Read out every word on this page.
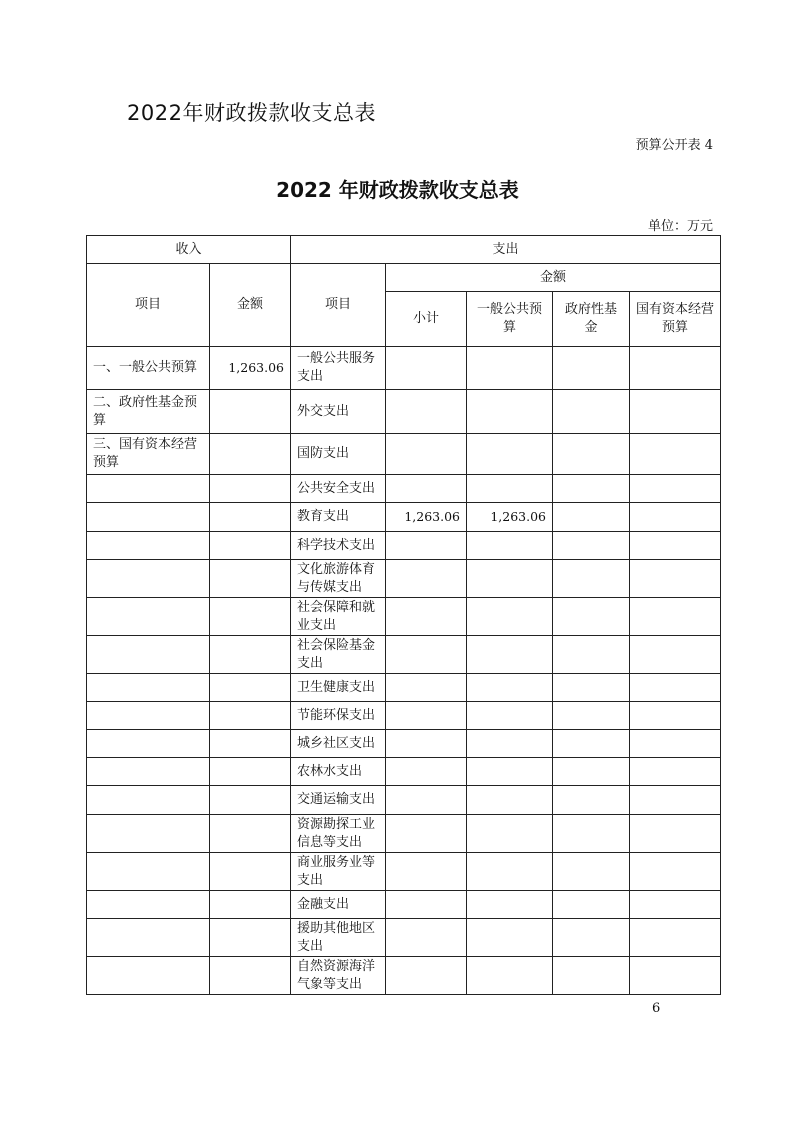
2022年财政拨款收支总表
预算公开表 4
2022 年财政拨款收支总表
单位：万元
收入		支出				
项目	金额	项目	金额			
			小计	一般公共预算	政府性基金	国有资本经营预算
一、一般公共预算	1,263.06	一般公共服务支出				
二、政府性基金预算		外交支出				
三、国有资本经营预算		国防支出				
		公共安全支出				
		教育支出	1,263.06	1,263.06		
		科学技术支出				
		文化旅游体育与传媒支出				
		社会保障和就业支出				
		社会保险基金支出				
		卫生健康支出				
		节能环保支出				
		城乡社区支出				
		农林水支出				
		交通运输支出				
		资源勘探工业信息等支出				
		商业服务业等支出				
		金融支出				
		援助其他地区支出				
		自然资源海洋气象等支出				
6
